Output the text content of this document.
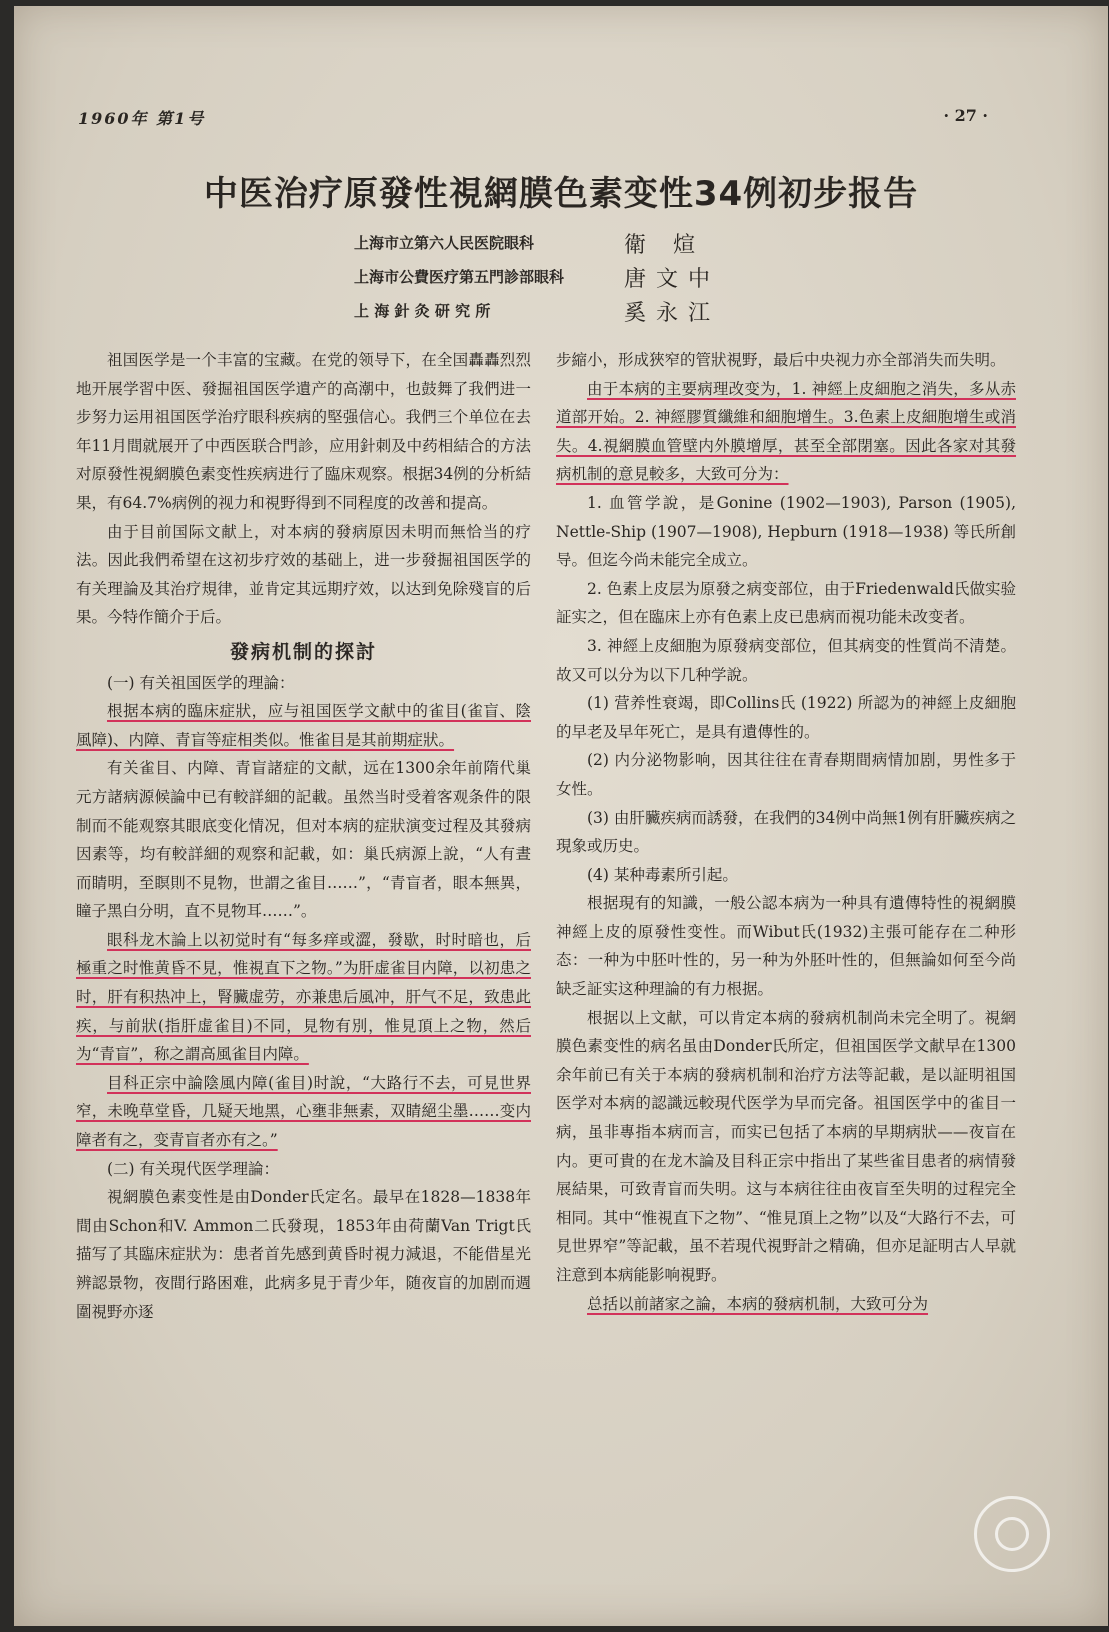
1960年 第1号	· 27 ·
中医治疗原發性視網膜色素变性34例初步报告
上海市立第六人民医院眼科	衛 煊
上海市公費医疗第五門診部眼科	唐文中
上 海 針 灸 研 究 所	奚永江

祖国医学是一个丰富的宝藏。在党的领导下，在全国轟轟烈烈地开展学習中医、發掘祖国医学遺产的高潮中，也鼓舞了我們进一步努力运用祖国医学治疗眼科疾病的堅强信心。我們三个单位在去年11月間就展开了中西医联合門診，应用針刺及中药相結合的方法对原發性視網膜色素变性疾病进行了臨床观察。根据34例的分析結果，有64.7%病例的视力和視野得到不同程度的改善和提高。

由于目前国际文献上，对本病的發病原因未明而無恰当的疗法。因此我們希望在这初步疗效的基础上，进一步發掘祖国医学的有关理論及其治疗規律，並肯定其远期疗效，以达到免除殘盲的后果。今特作簡介于后。

發病机制的探討
(一) 有关祖国医学的理論：

根据本病的臨床症狀，应与祖国医学文献中的雀目(雀盲、陰風障)、内障、青盲等症相类似。惟雀目是其前期症狀。

有关雀目、内障、青盲諸症的文献，远在1300余年前隋代巢元方諸病源候論中已有較詳細的記載。虽然当时受着客观条件的限制而不能观察其眼底变化情况，但对本病的症狀演变过程及其發病因素等，均有較詳細的观察和記載，如：巢氏病源上說，“人有晝而睛明，至瞑則不見物，世謂之雀目……”，“青盲者，眼本無異，瞳子黑白分明，直不見物耳……”。

眼科龙木論上以初觉时有“每多痒或澀，發歇，时时暗也，后極重之时惟黄昏不見，惟視直下之物。”为肝虚雀目内障，以初患之时，肝有积热冲上，腎臟虚劳，亦兼患后風冲，肝气不足，致患此疾，与前狀(指肝虚雀目)不同，見物有別，惟見頂上之物，然后为“青盲”，称之謂高風雀目内障。

目科正宗中論陰風内障(雀目)时說，“大路行不去，可見世界窄，未晚草堂昏，几疑天地黑，心壅非無素，双睛絕尘墨……变内障者有之，变青盲者亦有之。”

(二) 有关現代医学理論：

視網膜色素变性是由Donder氏定名。最早在1828—1838年間由Schon和V. Ammon二氏發現，1853年由荷蘭Van Trigt氏描写了其臨床症狀为：患者首先感到黄昏时視力減退，不能借星光辨認景物，夜間行路困难，此病多見于青少年，随夜盲的加剧而週圍視野亦逐

步縮小，形成狹窄的管狀視野，最后中央视力亦全部消失而失明。

由于本病的主要病理改变为，1. 神經上皮細胞之消失，多从赤道部开始。2. 神經膠質纖維和細胞增生。3.色素上皮細胞增生或消失。4.視網膜血管壁内外膜增厚，甚至全部閉塞。因此各家对其發病机制的意見較多，大致可分为：

1. 血管学說，是Gonine (1902—1903), Parson (1905), Nettle-Ship (1907—1908), Hepburn (1918—1938) 等氏所創导。但迄今尚未能完全成立。

2. 色素上皮层为原發之病变部位，由于Friedenwald氏做实验証实之，但在臨床上亦有色素上皮已患病而視功能未改变者。

3. 神經上皮細胞为原發病变部位，但其病变的性質尚不清楚。故又可以分为以下几种学說。

(1) 营养性衰竭，即Collins氏 (1922) 所認为的神經上皮細胞的早老及早年死亡，是具有遺傳性的。

(2) 内分泌物影响，因其往往在青春期間病情加剧，男性多于女性。

(3) 由肝臟疾病而誘發，在我們的34例中尚無1例有肝臟疾病之現象或历史。

(4) 某种毒素所引起。

根据現有的知識，一般公認本病为一种具有遺傳特性的視網膜神經上皮的原發性变性。而Wibut氏(1932)主張可能存在二种形态：一种为中胚叶性的，另一种为外胚叶性的，但無論如何至今尚缺乏証实这种理論的有力根据。

根据以上文献，可以肯定本病的發病机制尚未完全明了。視網膜色素变性的病名虽由Donder氏所定，但祖国医学文献早在1300余年前已有关于本病的發病机制和治疗方法等記載，是以証明祖国医学对本病的認識远較現代医学为早而完备。祖国医学中的雀目一病，虽非專指本病而言，而实已包括了本病的早期病狀——夜盲在内。更可貴的在龙木論及目科正宗中指出了某些雀目患者的病情發展結果，可致青盲而失明。这与本病往往由夜盲至失明的过程完全相同。其中“惟視直下之物”、“惟見頂上之物”以及“大路行不去，可見世界窄”等記載，虽不若現代視野計之精确，但亦足証明古人早就注意到本病能影响視野。

总括以前諸家之論，本病的發病机制，大致可分为
